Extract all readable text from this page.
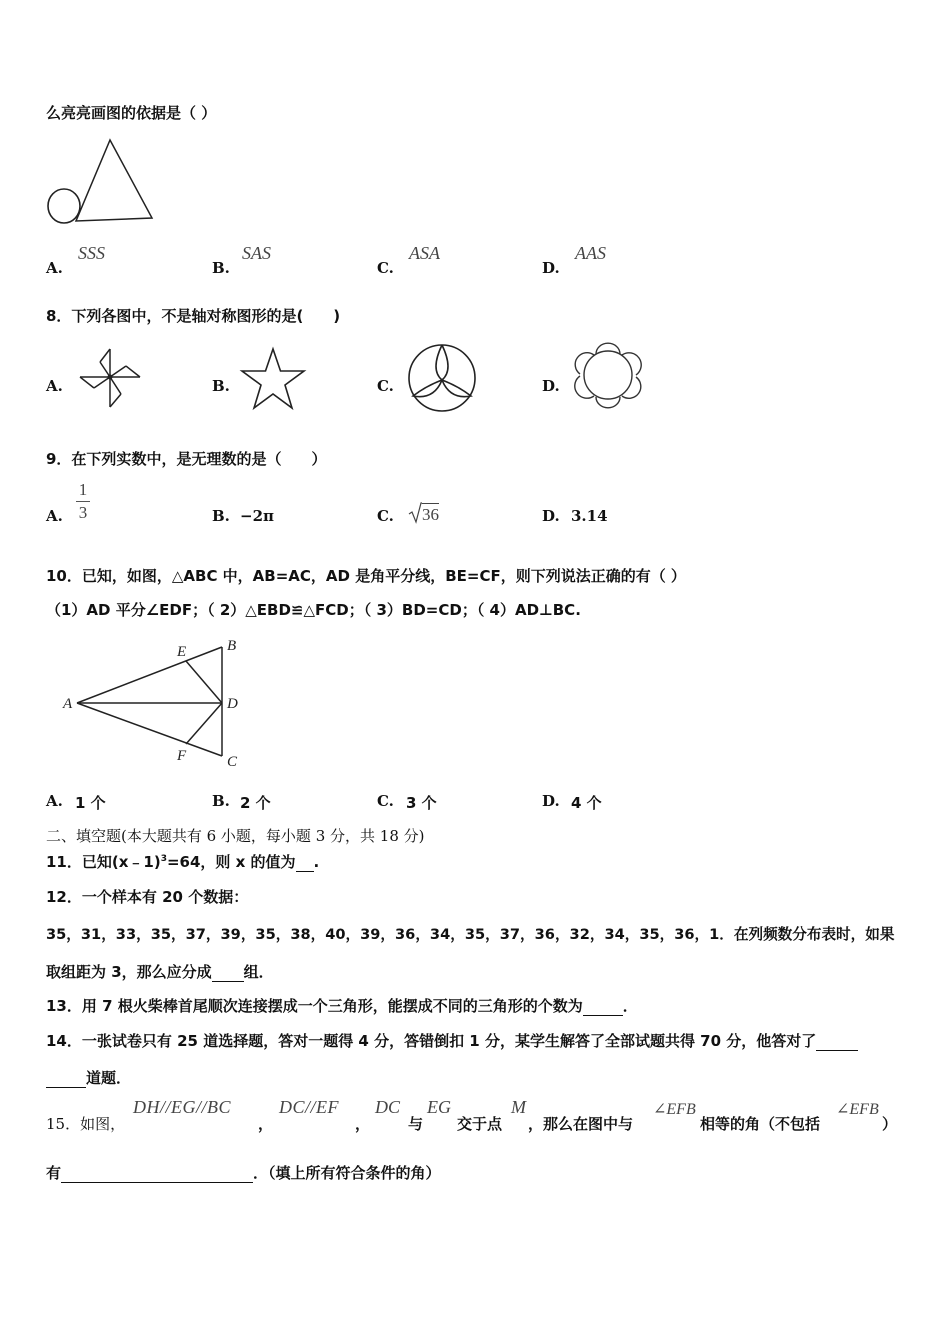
么亮亮画图的依据是（ ）
A.
SSS
B.
SAS
C.
ASA
D.
AAS
8．下列各图中，不是轴对称图形的是(　　)
A.	B.	C.	D.
9．在下列实数中，是无理数的是（　　）
A.
1
3	B. −2π	C. 36	D. 3.14
10．已知，如图，△ABC 中，AB=AC，AD 是角平分线，BE=CF，则下列说法正确的有（ ）
（1）AD 平分∠EDF；（ 2）△EBD≌△FCD；（ 3）BD=CD；（ 4）AD⊥BC.
A
B
C
D
E
F
A. 1 个	B. 2 个	C. 3 个	D. 4 个
二、填空题(本大题共有 6 小题，每小题 3 分，共 18 分)
11．已知(x﹣1)$^3$=64，则 x 的值为 .
12．一个样本有 20 个数据：
35，31，33，35，37，39，35，38，40，39，36，34，35，37，36，32，34，35，36，1．在列频数分布表时，如果
取组距为 3，那么应分成 组．
13．用 7 根火柴棒首尾顺次连接摆成一个三角形，能摆成不同的三角形的个数为	．
14．一张试卷只有 25 道选择题，答对一题得 4 分，答错倒扣 1 分，某学生解答了全部试题共得 70 分，他答对了
道题．
15．如图，
DH//EG//BC
，
DC//EF
，
DC
与
EG
交于点
M
，那么在图中与
∠EFB
相等的角（不包括
∠EFB
）
有	．（填上所有符合条件的角）
